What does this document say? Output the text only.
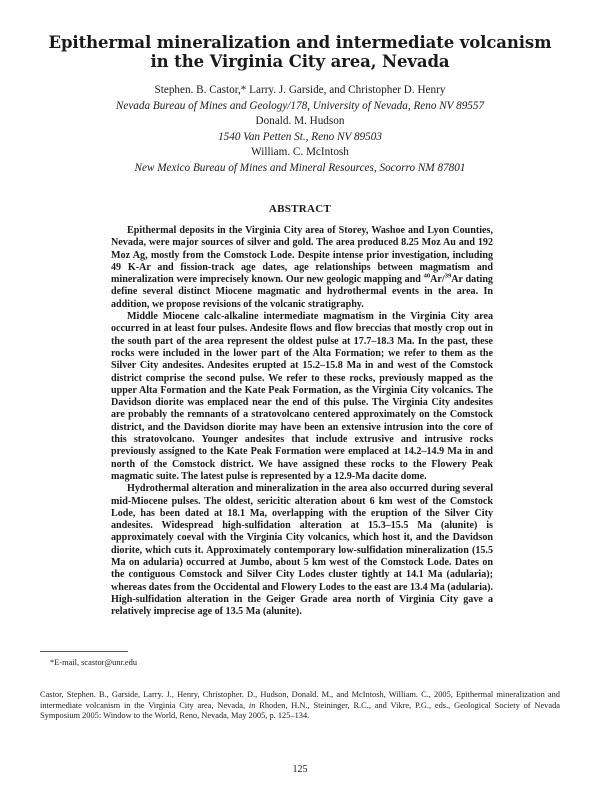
Epithermal mineralization and intermediate volcanism
in the Virginia City area, Nevada
Stephen. B. Castor,* Larry. J. Garside, and Christopher D. Henry
Nevada Bureau of Mines and Geology/178, University of Nevada, Reno NV 89557
Donald. M. Hudson
1540 Van Petten St., Reno NV 89503
William. C. McIntosh
New Mexico Bureau of Mines and Mineral Resources, Socorro NM 87801
ABSTRACT

Epithermal deposits in the Virginia City area of Storey, Washoe and Lyon Counties, Nevada, were major sources of silver and gold. The area produced 8.25 Moz Au and 192 Moz Ag, mostly from the Comstock Lode. Despite intense prior investigation, including 49 K-Ar and fission-track age dates, age relationships between magmatism and mineralization were imprecisely known. Our new geologic mapping and $^{40}$Ar/$^{39}$Ar dating define several distinct Miocene magmatic and hydrothermal events in the area. In addition, we propose revisions of the volcanic stratigraphy.

Middle Miocene calc-alkaline intermediate magmatism in the Virginia City area occurred in at least four pulses. Andesite flows and flow breccias that mostly crop out in the south part of the area represent the oldest pulse at 17.7–18.3 Ma. In the past, these rocks were included in the lower part of the Alta Formation; we refer to them as the Silver City andesites. Andesites erupted at 15.2–15.8 Ma in and west of the Comstock district comprise the second pulse. We refer to these rocks, previously mapped as the upper Alta Formation and the Kate Peak Formation, as the Virginia City volcanics. The Davidson diorite was emplaced near the end of this pulse. The Virginia City andesites are probably the remnants of a stratovolcano centered approximately on the Comstock district, and the Davidson diorite may have been an extensive intrusion into the core of this stratovolcano. Younger andesites that include extrusive and intrusive rocks previously assigned to the Kate Peak Formation were emplaced at 14.2–14.9 Ma in and north of the Comstock district. We have assigned these rocks to the Flowery Peak magmatic suite. The latest pulse is represented by a 12.9-Ma dacite dome.

Hydrothermal alteration and mineralization in the area also occurred during several mid-Miocene pulses. The oldest, sericitic alteration about 6 km west of the Comstock Lode, has been dated at 18.1 Ma, overlapping with the eruption of the Silver City andesites. Widespread high-sulfidation alteration at 15.3–15.5 Ma (alunite) is approximately coeval with the Virginia City volcanics, which host it, and the Davidson diorite, which cuts it. Approximately contemporary low-sulfidation mineralization (15.5 Ma on adularia) occurred at Jumbo, about 5 km west of the Comstock Lode. Dates on the contiguous Comstock and Silver City Lodes cluster tightly at 14.1 Ma (adularia); whereas dates from the Occidental and Flowery Lodes to the east are 13.4 Ma (adularia). High-sulfidation alteration in the Geiger Grade area north of Virginia City gave a relatively imprecise age of 13.5 Ma (alunite).

*E-mail, scastor@unr.edu
Castor, Stephen. B., Garside, Larry. J., Henry, Christopher. D., Hudson, Donald. M., and McIntosh, William. C., 2005, Epithermal mineralization and intermediate volcanism in the Virginia City area, Nevada, in Rhoden, H.N., Steininger, R.C., and Vikre, P.G., eds., Geological Society of Nevada Symposium 2005: Window to the World, Reno, Nevada, May 2005, p. 125–134.
125
